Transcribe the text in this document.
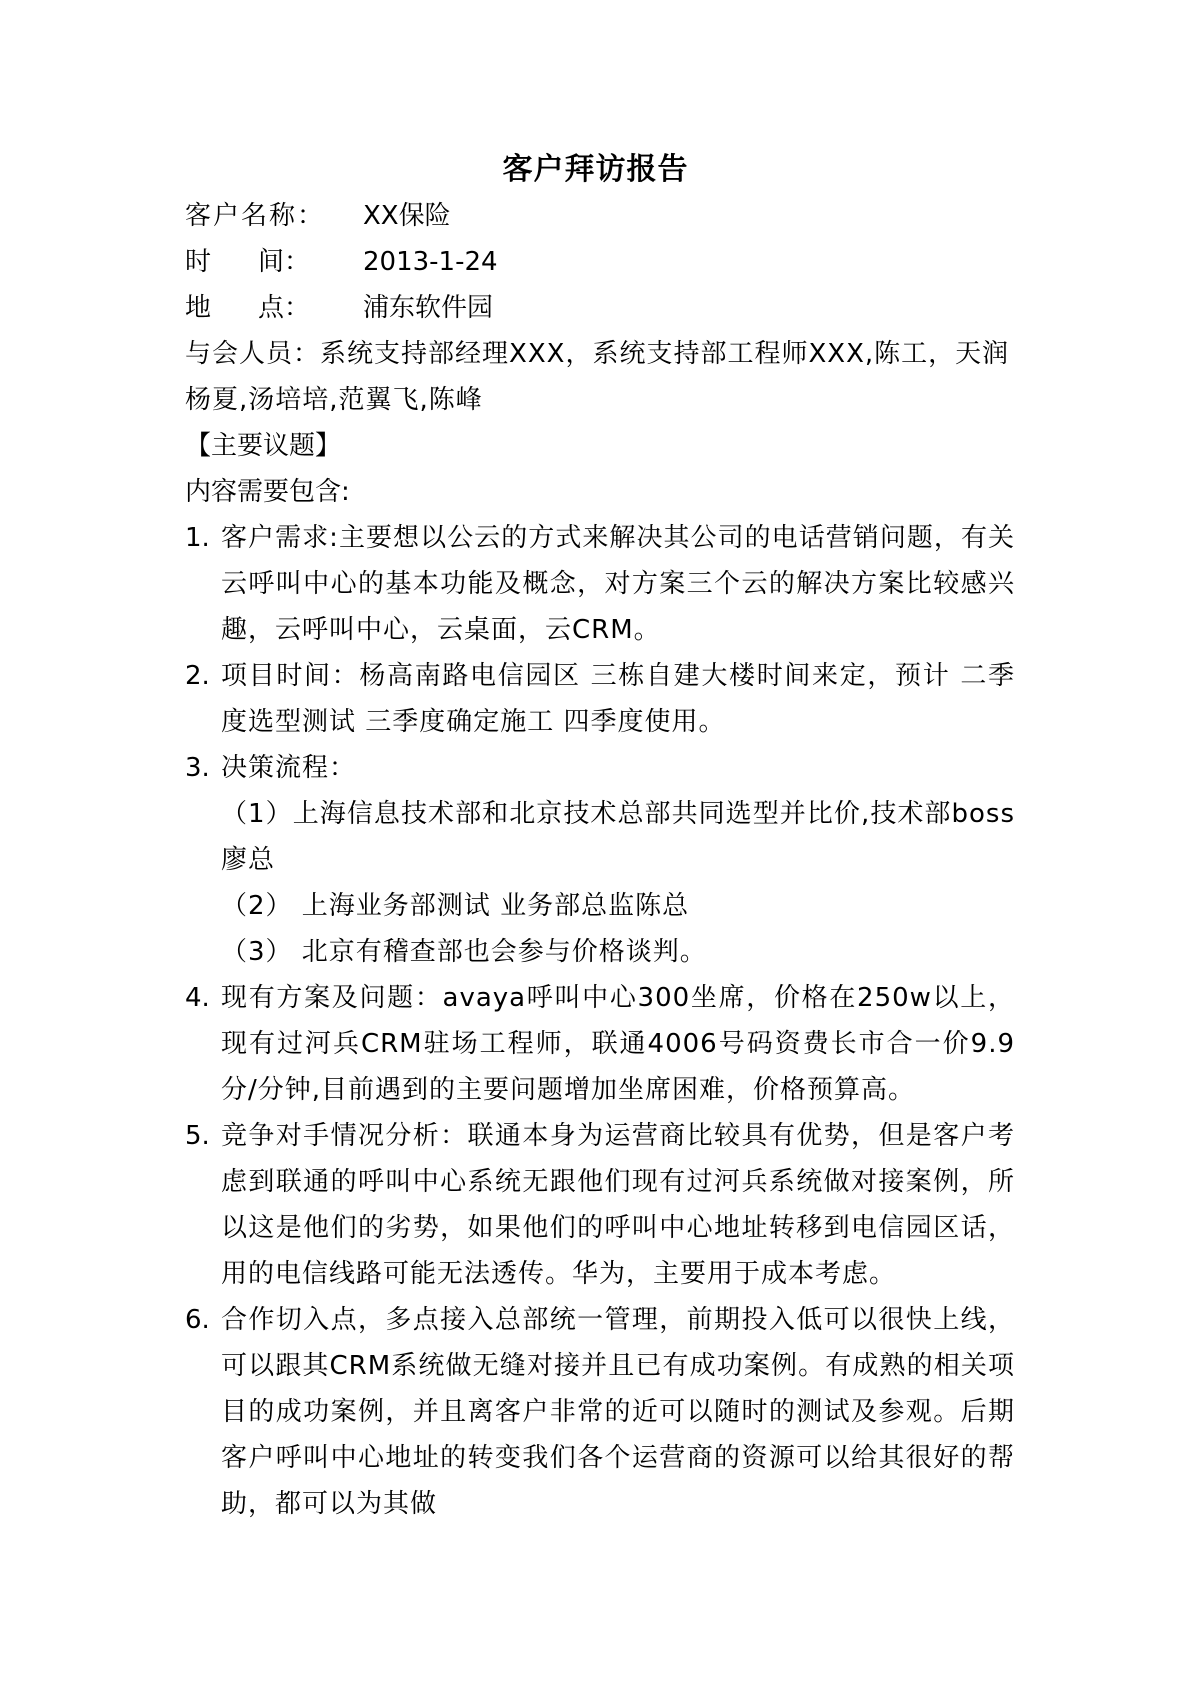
客户拜访报告
客户名称：	XX保险
时 间： 2013-1-24
地 点： 浦东软件园
与会人员：系统支持部经理XXX，系统支持部工程师XXX,陈工，天润杨夏,汤培培,范翼飞,陈峰
【主要议题】
内容需要包含:
1. 客户需求:主要想以公云的方式来解决其公司的电话营销问题，有关云呼叫中心的基本功能及概念，对方案三个云的解决方案比较感兴趣，云呼叫中心，云桌面，云CRM。
2. 项目时间：杨高南路电信园区 三栋自建大楼时间来定，预计 二季度选型测试 三季度确定施工 四季度使用。
3. 决策流程：
（1）上海信息技术部和北京技术总部共同选型并比价,技术部boss廖总
（2） 上海业务部测试 业务部总监陈总
（3） 北京有稽查部也会参与价格谈判。
4. 现有方案及问题：avaya呼叫中心300坐席，价格在250w以上，现有过河兵CRM驻场工程师，联通4006号码资费长市合一价9.9分/分钟,目前遇到的主要问题增加坐席困难，价格预算高。
5. 竞争对手情况分析：联通本身为运营商比较具有优势，但是客户考虑到联通的呼叫中心系统无跟他们现有过河兵系统做对接案例，所以这是他们的劣势，如果他们的呼叫中心地址转移到电信园区话，用的电信线路可能无法透传。华为，主要用于成本考虑。
6. 合作切入点，多点接入总部统一管理，前期投入低可以很快上线，可以跟其CRM系统做无缝对接并且已有成功案例。有成熟的相关项目的成功案例，并且离客户非常的近可以随时的测试及参观。后期客户呼叫中心地址的转变我们各个运营商的资源可以给其很好的帮助，都可以为其做
